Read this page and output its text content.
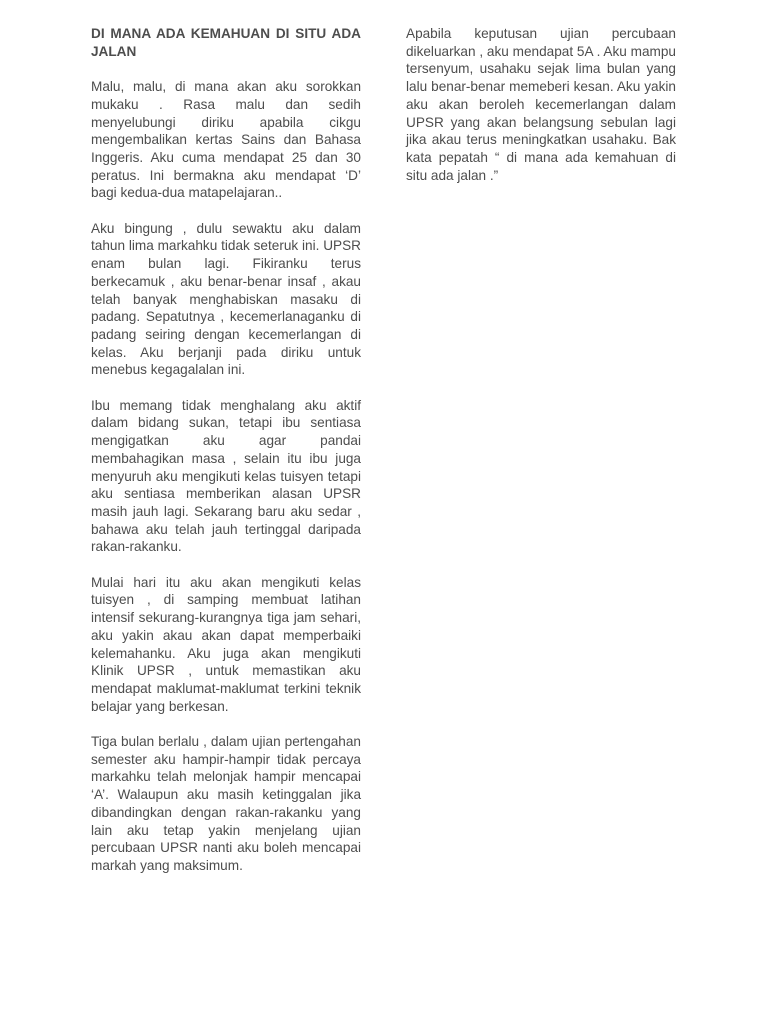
DI MANA ADA KEMAHUAN DI SITU ADA JALAN

Malu, malu, di mana akan aku sorokkan mukaku . Rasa malu dan sedih menyelubungi diriku apabila cikgu mengembalikan kertas Sains dan Bahasa Inggeris. Aku cuma mendapat 25 dan 30 peratus. Ini bermakna aku mendapat ‘D’ bagi kedua-dua matapelajaran..

Aku bingung , dulu sewaktu aku dalam tahun lima markahku tidak seteruk ini. UPSR enam bulan lagi. Fikiranku terus berkecamuk , aku benar-benar insaf , akau telah banyak menghabiskan masaku di padang. Sepatutnya , kecemerlanaganku di padang seiring dengan kecemerlangan di kelas. Aku berjanji pada diriku untuk menebus kegagalalan ini.

Ibu memang tidak menghalang aku aktif dalam bidang sukan, tetapi ibu sentiasa mengigatkan aku agar pandai membahagikan masa , selain itu ibu juga menyuruh aku mengikuti kelas tuisyen tetapi aku sentiasa memberikan alasan UPSR masih jauh lagi. Sekarang baru aku sedar , bahawa aku telah jauh tertinggal daripada rakan-rakanku.

Mulai hari itu aku akan mengikuti kelas tuisyen , di samping membuat latihan intensif sekurang-kurangnya tiga jam sehari, aku yakin akau akan dapat memperbaiki kelemahanku. Aku juga akan mengikuti Klinik UPSR , untuk memastikan aku mendapat maklumat-maklumat terkini teknik belajar yang berkesan.

Tiga bulan berlalu , dalam ujian pertengahan semester aku hampir-hampir tidak percaya markahku telah melonjak hampir mencapai ‘A’. Walaupun aku masih ketinggalan jika dibandingkan dengan rakan-rakanku yang lain aku tetap yakin menjelang ujian percubaan UPSR nanti aku boleh mencapai markah yang maksimum.

Apabila keputusan ujian percubaan dikeluarkan , aku mendapat 5A . Aku mampu tersenyum, usahaku sejak lima bulan yang lalu benar-benar memeberi kesan. Aku yakin aku akan beroleh kecemerlangan dalam UPSR yang akan belangsung sebulan lagi jika akau terus meningkatkan usahaku. Bak kata pepatah “ di mana ada kemahuan di situ ada jalan .”
